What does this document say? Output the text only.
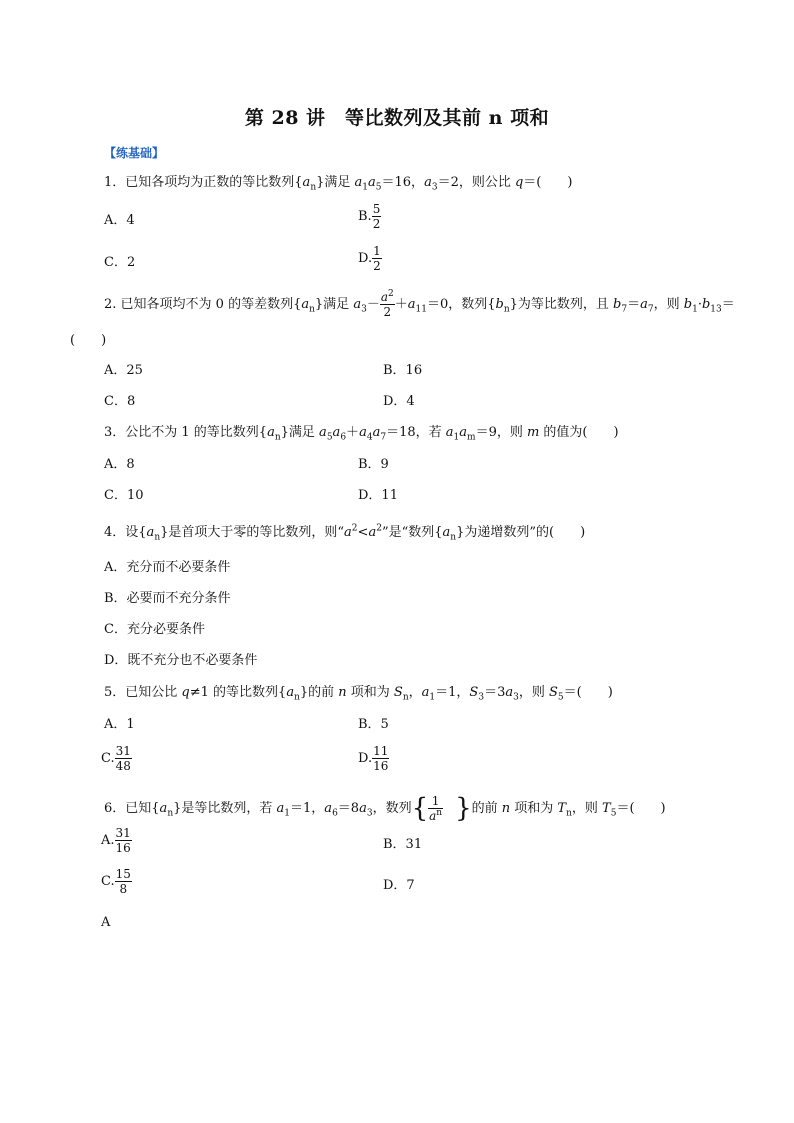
第 28 讲　等比数列及其前 n 项和
【练基础】
1．已知各项均为正数的等比数列$\{a_n\}$满足 $a_1a_5=16$，$a_3=2$，则公比 q＝(　　)
A．4	B. $\frac{5}{2}$
C．2	D. $\frac{1}{2}$
2. 已知各项均不为 0 的等差数列$\{a_n\}$满足 $a_3- \frac{a^2}{2} +a_{11}=0$，数列$\{b_n\}$为等比数列，且 $b_7=a_7$，则 $b_1\cdot b_{13}=$
(　　)
A．25	B．16
C．8	D．4
3．公比不为 1 的等比数列$\{a_n\}$满足 $a_5a_6+a_4a_7=18$，若 $a_1a_m=9$，则 m 的值为(　　)
A．8	B．9
C．10	D．11
4．设$\{a_n\}$是首项大于零的等比数列，则“$a^2<a^2$”是“数列$\{a_n\}$为递增数列”的(　　)
A．充分而不必要条件
B．必要而不充分条件
C．充分必要条件
D．既不充分也不必要条件
5．已知公比 q≠1 的等比数列$\{a_n\}$的前 n 项和为 $S_n$，$a_1=1$，$S_3=3a_3$，则 $S_5=$(　　)
A．1	B．5
C. $\frac{31}{48}$	D. $\frac{11}{16}$
6．已知$\{a_n\}$是等比数列，若 $a_1=1$，$a_6=8a_3$，数列{ $\frac{1}{a^n}$ }的前 n 项和为 $T_n$，则 $T_5=$(　　)
A. $\frac{31}{16}$	B．31
C. $\frac{15}{8}$	D．7
A
